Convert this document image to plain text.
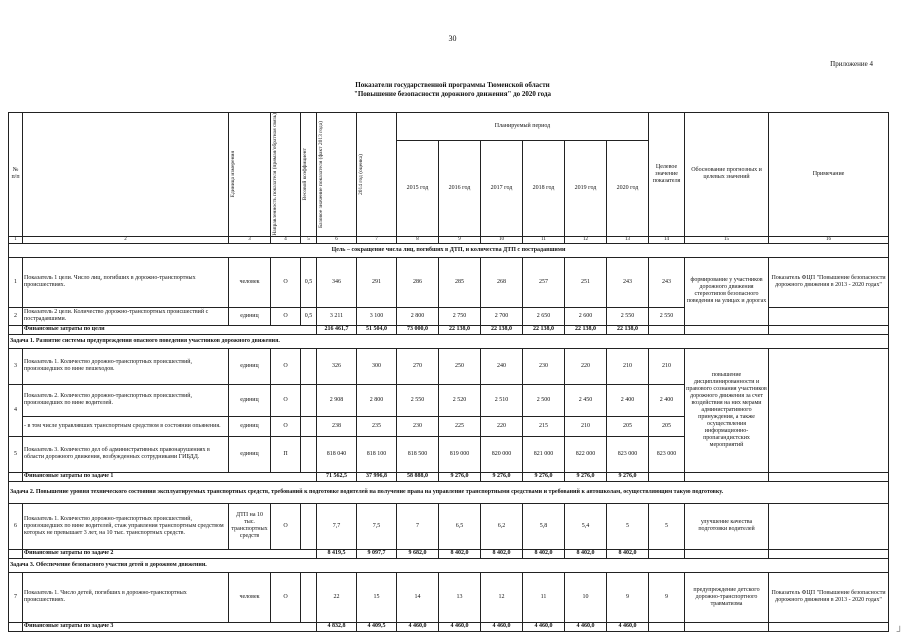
30
Приложение 4
Показатели государственной программы Тюменской области
"Повышение безопасности дорожного движения" до 2020 года
№ п/п		Единица измерения	Направленность показателя (прямая/обратная связь)	Весовой коэффициент	Базовое значение показателя (факт 2013 года)	2014 год (оценка)	Планируемый период						Целевое значение показателя	Обоснование прогнозных и целевых значений	Примечание
							2015 год	2016 год	2017 год	2018 год	2019 год	2020 год			
1	2	3	4	5	6	7	8	9	10	11	12	13	14	15	16
Цель – сокращение числа лиц, погибших в ДТП, и количества ДТП с пострадавшими															
1	Показатель 1 цели. Число лиц, погибших в дорожно-транспортных происшествиях.	человек	О	0,5	346	291	286	285	268	257	251	243	243	формирование у участников дорожного движения стереотипов безопасного поведения на улицах и дорогах	Показатель ФЦП "Повышение безопасности дорожного движения в 2013 - 2020 годах"
2	Показатель 2 цели. Количество дорожно-транспортных происшествий с пострадавшими.	единиц	О	0,5	3 211	3 100	2 800	2 750	2 700	2 650	2 600	2 550	2 550		
	Финансовые затраты по цели				216 461,7	51 504,0	73 000,0	22 138,0	22 138,0	22 138,0	22 138,0	22 138,0			
Задача 1. Развитие системы предупреждения опасного поведения участников дорожного движения.															
3	Показатель 1. Количество дорожно-транспортных происшествий, произошедших по вине пешеходов.	единиц	О		326	300	270	250	240	230	220	210	210	повышение дисциплинированности и правового сознания участников дорожного движения за счет воздействия на них мерами административного принуждения, а также осуществления информационно-пропагандистских мероприятий	
4	Показатель 2. Количество дорожно-транспортных происшествий, произошедших по вине водителей.	единиц	О		2 908	2 800	2 550	2 520	2 510	2 500	2 450	2 400	2 400		
	- в том числе управлявших транспортным средством в состоянии опьянения.	единиц	О		238	235	230	225	220	215	210	205	205		
5	Показатель 3. Количество дел об административных правонарушениях в области дорожного движения, возбужденных сотрудниками ГИБДД.	единиц	П		818 040	818 100	818 500	819 000	820 000	821 000	822 000	823 000	823 000		
	Финансовые затраты по задаче 1				71 562,5	37 996,8	58 888,0	9 276,0	9 276,0	9 276,0	9 276,0	9 276,0			
Задача 2. Повышение уровня технического состояния эксплуатируемых транспортных средств, требований к подготовке водителей на получение права на управление транспортными средствами и требований к автошколам, осуществляющим такую подготовку.															
6	Показатель 1. Количество дорожно-транспортных происшествий, произошедших по вине водителей, стаж управления транспортным средством которых не превышает 3 лет, на 10 тыс. транспортных средств.	ДТП на 10 тыс. транспортных средств	О		7,7	7,5	7	6,5	6,2	5,8	5,4	5	5	улучшение качества подготовки водителей	
	Финансовые затраты по задаче 2				8 419,5	9 097,7	9 682,0	8 402,0	8 402,0	8 402,0	8 402,0	8 402,0			
Задача 3. Обеспечение безопасного участия детей в дорожном движении.															
7	Показатель 1. Число детей, погибших в дорожно-транспортных происшествиях.	человек	О		22	15	14	13	12	11	10	9	9	предупреждение детского дорожно-транспортного травматизма	Показатель ФЦП "Повышение безопасности дорожного движения в 2013 - 2020 годах"
	Финансовые затраты по задаче 3				4 832,8	4 409,5	4 460,0	4 460,0	4 460,0	4 460,0	4 460,0	4 460,0				┘
